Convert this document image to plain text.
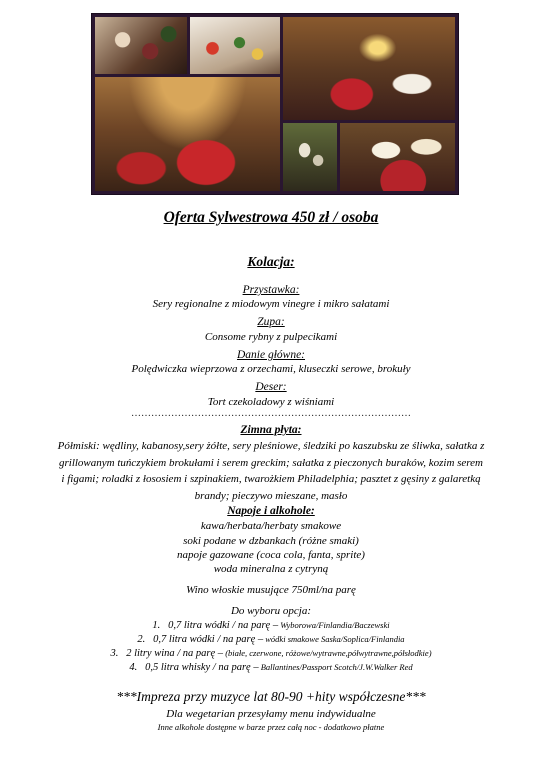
Oferta Sylwestrowa 450 zł / osoba
Kolacja:
Przystawka:
Sery regionalne z miodowym vinegre i mikro sałatami
Zupa:
Consome rybny z pulpecikami
Danie główne:
Polędwiczka wieprzowa z orzechami, kluseczki serowe, brokuły
Deser:
Tort czekoladowy z wiśniami
…………………………………………………………………………
Zimna płyta:
Półmiski: wędliny, kabanosy,sery żółte, sery pleśniowe, śledziki po kaszubsku ze śliwka, sałatka z
grillowanym tuńczykiem brokułami i serem greckim; sałatka z pieczonych buraków, kozim serem
i figami; roladki z łososiem i szpinakiem, twarożkiem Philadelphia; pasztet z gęsiny z galaretką
brandy; pieczywo mieszane, masło
Napoje i alkohole:
kawa/herbata/herbaty smakowe
soki podane w dzbankach (różne smaki)
napoje gazowane (coca cola, fanta, sprite)
woda mineralna z cytryną
Wino włoskie musujące 750ml/na parę
Do wyboru opcja:
1. 0,7 litra wódki / na parę – Wyborowa/Finlandia/Baczewski
2. 0,7 litra wódki / na parę – wódki smakowe Saska/Soplica/Finlandia
3. 2 litry wina / na parę – (białe, czerwone, różowe/wytrawne,półwytrawne,półsłodkie)
4. 0,5 litra whisky / na parę – Ballantines/Passport Scotch/J.W.Walker Red
***Impreza przy muzyce lat 80-90 +hity współczesne***
Dla wegetarian przesyłamy menu indywidualne
Inne alkohole dostępne w barze przez całą noc - dodatkowo płatne
